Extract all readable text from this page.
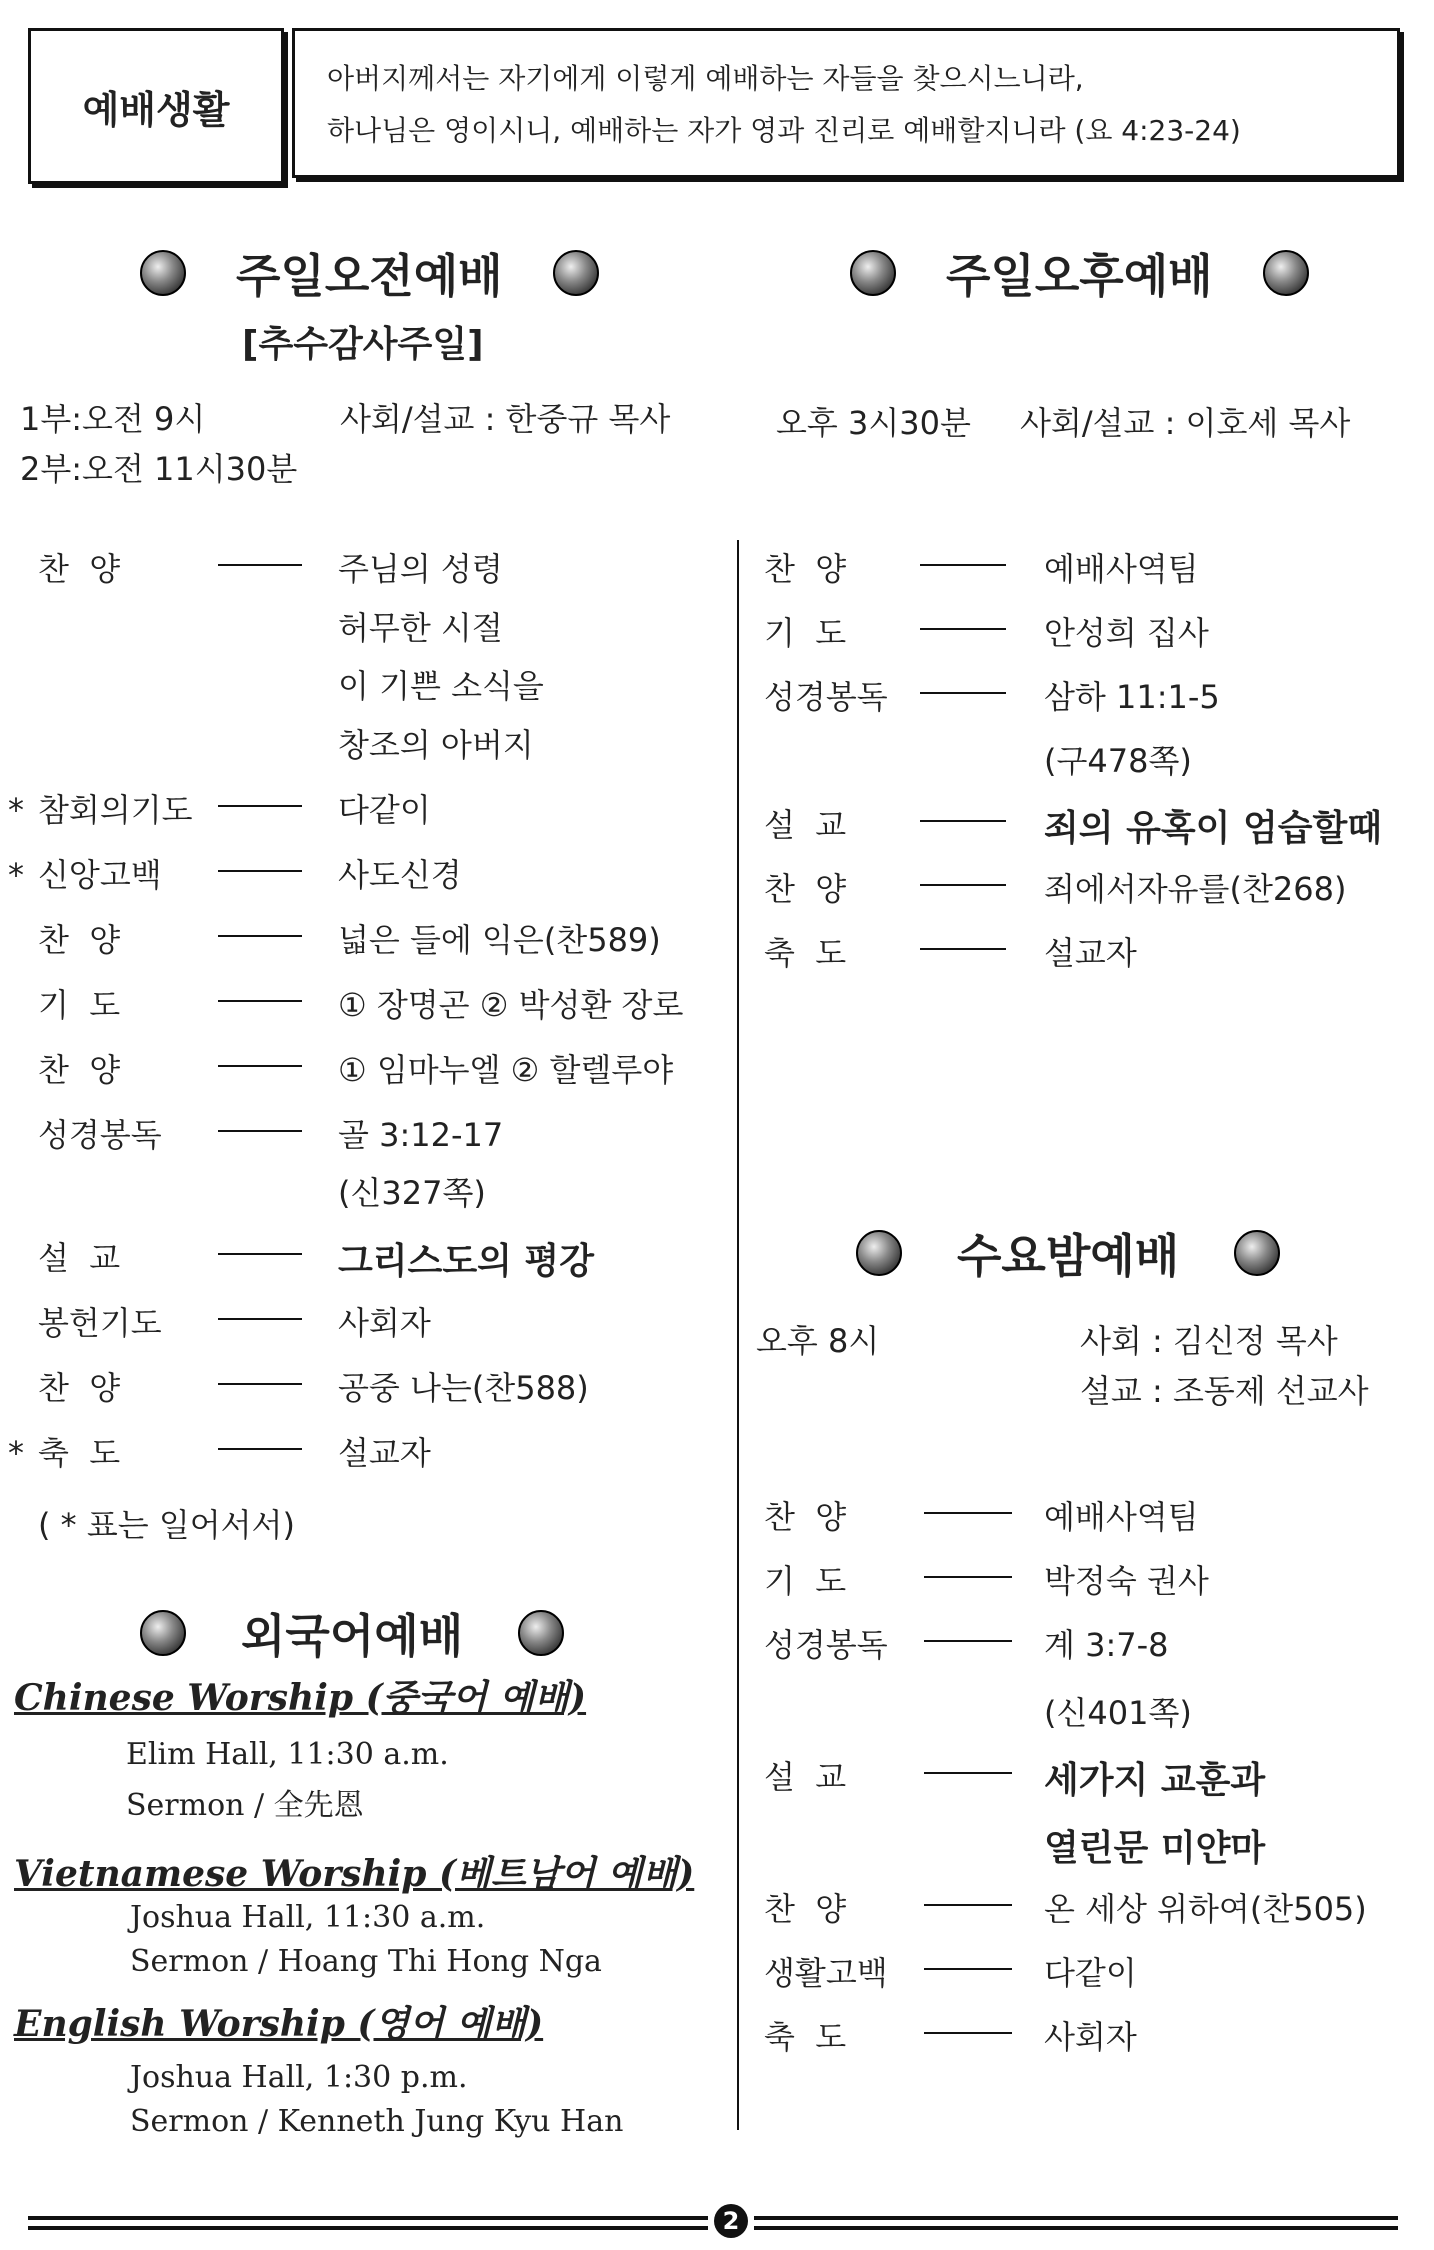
예배생활
아버지께서는 자기에게 이렇게 예배하는 자들을 찾으시느니라,
하나님은 영이시니, 예배하는 자가 영과 진리로 예배할지니라 (요 4:23-24)
주일오전예배
[추수감사주일]
1부:오전 9시	사회/설교 : 한중규 목사
2부:오전 11시30분
찬  양	주님의 성령
허무한 시절
이 기쁜 소식을
창조의 아버지
* 참회의기도	다같이
* 신앙고백	사도신경
찬  양	넓은 들에 익은(찬589)
기  도	① 장명곤 ② 박성환 장로
찬  양	① 임마누엘 ② 할렐루야
성경봉독	골 3:12-17
(신327쪽)
설  교	그리스도의 평강
봉헌기도	사회자
찬  양	공중 나는(찬588)
* 축  도	설교자
( * 표는 일어서서)
외국어예배
Chinese Worship (중국어 예배)
Elim Hall, 11:30 a.m.
Sermon / 全先恩
Vietnamese Worship (베트남어 예배)
Joshua Hall, 11:30 a.m.
Sermon / Hoang Thi Hong Nga
English Worship (영어 예배)
Joshua Hall, 1:30 p.m.
Sermon / Kenneth Jung Kyu Han
주일오후예배
오후 3시30분 사회/설교 : 이호세 목사
찬  양	예배사역팀
기  도	안성희 집사
성경봉독	삼하 11:1-5
(구478쪽)
설  교	죄의 유혹이 엄습할때
찬  양	죄에서자유를(찬268)
축  도	설교자
수요밤예배
오후 8시	사회 : 김신정 목사
설교 : 조동제 선교사
찬  양	예배사역팀
기  도	박정숙 권사
성경봉독	계 3:7-8
(신401쪽)
설  교	세가지 교훈과
열린문 미얀마
찬  양	온 세상 위하여(찬505)
생활고백	다같이
축  도	사회자
2
